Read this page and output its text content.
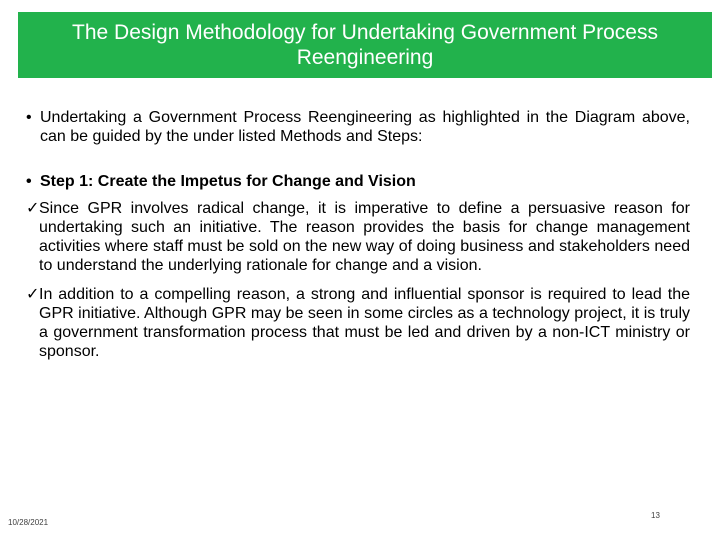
The Design Methodology for Undertaking Government Process Reengineering
• Undertaking a Government Process Reengineering as highlighted in the Diagram above, can be guided by the under listed Methods and Steps:
• Step 1: Create the Impetus for Change and Vision
✓ Since GPR involves radical change, it is imperative to define a persuasive reason for undertaking such an initiative. The reason provides the basis for change management activities where staff must be sold on the new way of doing business and stakeholders need to understand the underlying rationale for change and a vision.
✓ In addition to a compelling reason, a strong and influential sponsor is required to lead the GPR initiative. Although GPR may be seen in some circles as a technology project, it is truly a government transformation process that must be led and driven by a non-ICT ministry or sponsor.
10/28/2021
13
